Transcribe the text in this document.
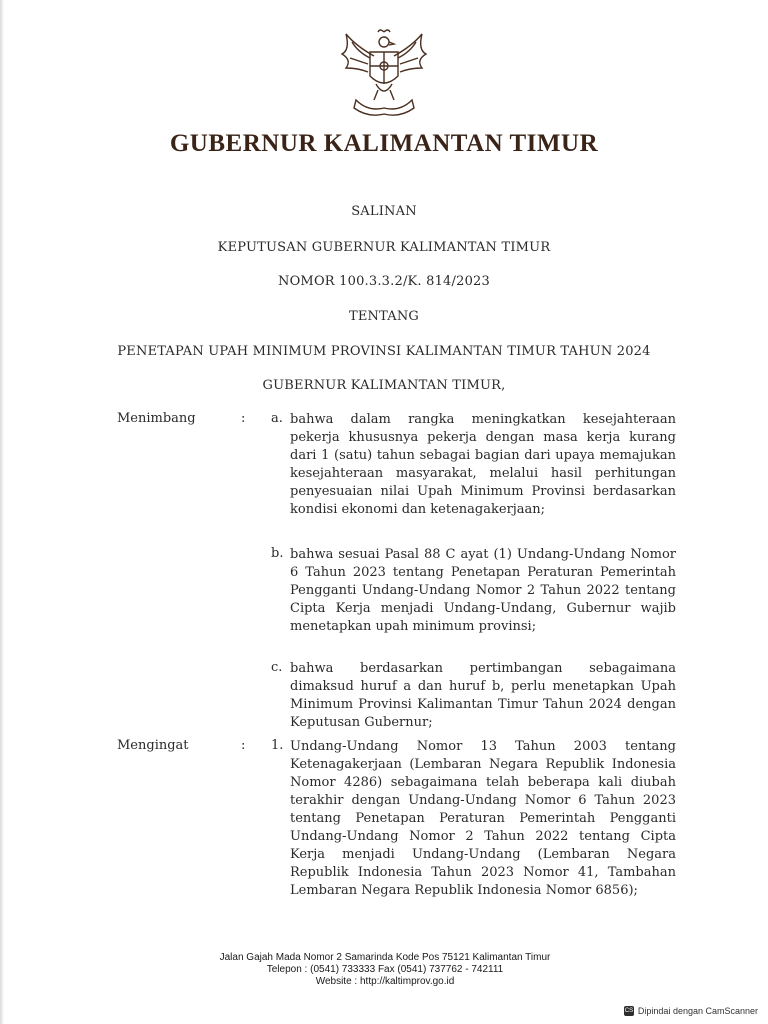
GUBERNUR KALIMANTAN TIMUR
SALINAN
KEPUTUSAN GUBERNUR KALIMANTAN TIMUR
NOMOR 100.3.3.2/K. 814/2023
TENTANG
PENETAPAN UPAH MINIMUM PROVINSI KALIMANTAN TIMUR TAHUN 2024
GUBERNUR KALIMANTAN TIMUR,
Menimbang	: a. bahwa dalam rangka meningkatkan kesejahteraan pekerja khususnya pekerja dengan masa kerja kurang dari 1 (satu) tahun sebagai bagian dari upaya memajukan kesejahteraan masyarakat, melalui hasil perhitungan penyesuaian nilai Upah Minimum Provinsi berdasarkan kondisi ekonomi dan ketenagakerjaan;
b. bahwa sesuai Pasal 88 C ayat (1) Undang-Undang Nomor 6 Tahun 2023 tentang Penetapan Peraturan Pemerintah Pengganti Undang-Undang Nomor 2 Tahun 2022 tentang Cipta Kerja menjadi Undang-Undang, Gubernur wajib menetapkan upah minimum provinsi;
c. bahwa berdasarkan pertimbangan sebagaimana dimaksud huruf a dan huruf b, perlu menetapkan Upah Minimum Provinsi Kalimantan Timur Tahun 2024 dengan Keputusan Gubernur;
Mengingat	: 1. Undang-Undang Nomor 13 Tahun 2003 tentang Ketenagakerjaan (Lembaran Negara Republik Indonesia Nomor 4286) sebagaimana telah beberapa kali diubah terakhir dengan Undang-Undang Nomor 6 Tahun 2023 tentang Penetapan Peraturan Pemerintah Pengganti Undang-Undang Nomor 2 Tahun 2022 tentang Cipta Kerja menjadi Undang-Undang (Lembaran Negara Republik Indonesia Tahun 2023 Nomor 41, Tambahan Lembaran Negara Republik Indonesia Nomor 6856);
Jalan Gajah Mada Nomor 2 Samarinda Kode Pos 75121 Kalimantan Timur
Telepon : (0541) 733333 Fax (0541) 737762 - 742111
Website : http://kaltimprov.go.id
CS Dipindai dengan CamScanner
